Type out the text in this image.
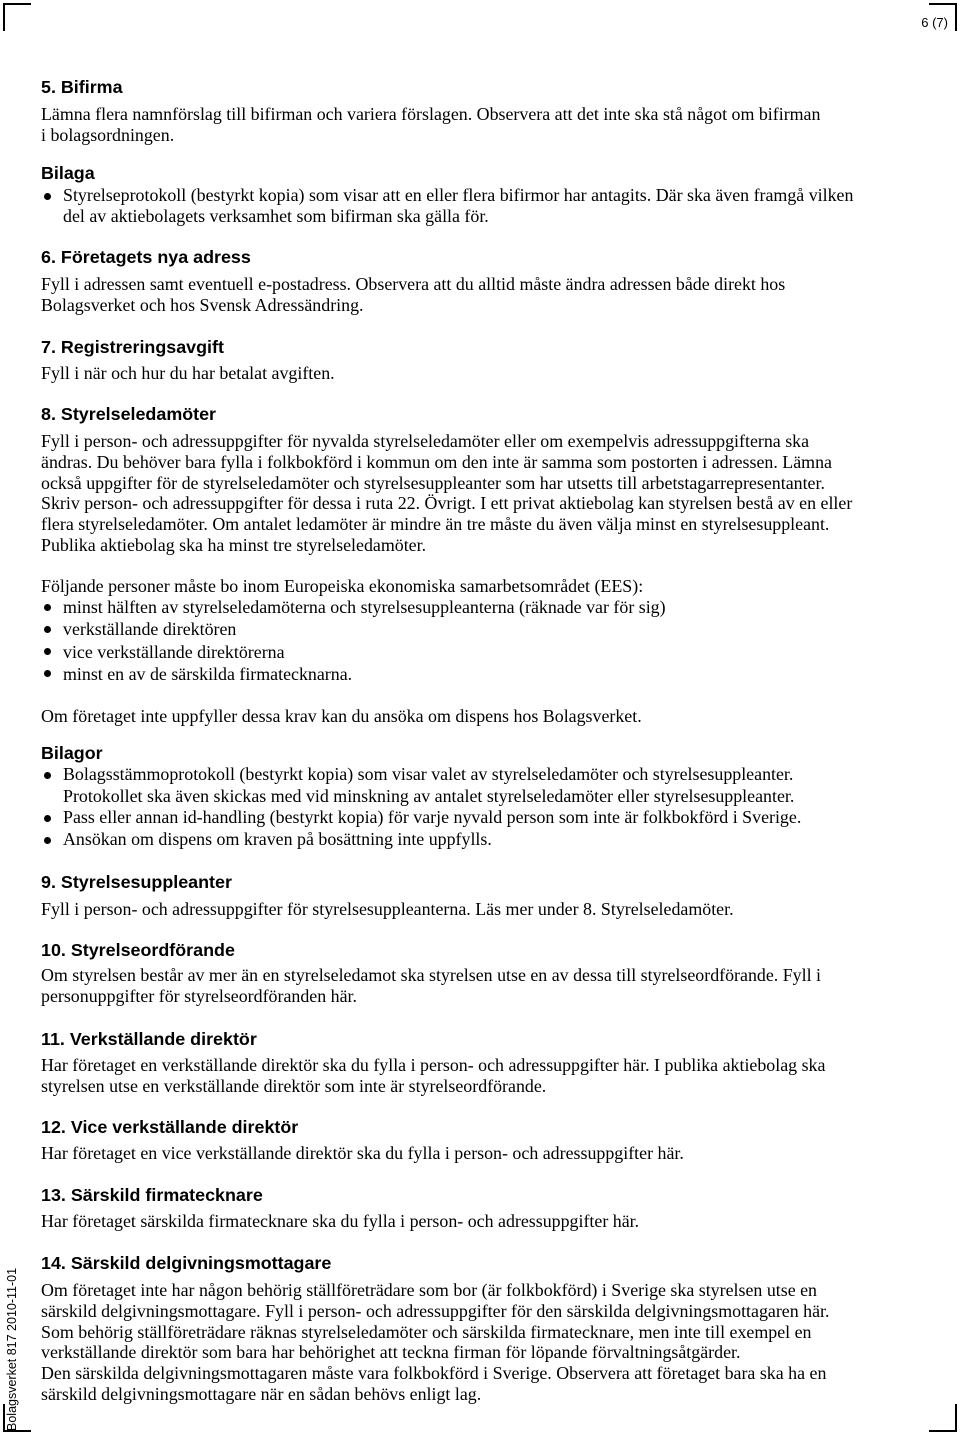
6 (7)
Bolagsverket 817 2010-11-01
5. Bifirma
Lämna flera namnförslag till bifirman och variera förslagen. Observera att det inte ska stå något om bifirman
i bolagsordningen.
Bilaga
Styrelseprotokoll (bestyrkt kopia) som visar att en eller flera bifirmor har antagits. Där ska även framgå vilken
del av aktiebolagets verksamhet som bifirman ska gälla för.
6. Företagets nya adress
Fyll i adressen samt eventuell e-postadress. Observera att du alltid måste ändra adressen både direkt hos
Bolagsverket och hos Svensk Adressändring.
7. Registreringsavgift
Fyll i när och hur du har betalat avgiften.
8. Styrelseledamöter
Fyll i person- och adressuppgifter för nyvalda styrelseledamöter eller om exempelvis adressuppgifterna ska
ändras. Du behöver bara fylla i folkbokförd i kommun om den inte är samma som postorten i adressen. Lämna
också uppgifter för de styrelseledamöter och styrelsesuppleanter som har utsetts till arbetstagarrepresentanter.
Skriv person- och adressuppgifter för dessa i ruta 22. Övrigt. I ett privat aktiebolag kan styrelsen bestå av en eller
flera styrelseledamöter. Om antalet ledamöter är mindre än tre måste du även välja minst en styrelsesuppleant.
Publika aktiebolag ska ha minst tre styrelseledamöter.
Följande personer måste bo inom Europeiska ekonomiska samarbetsområdet (EES):
minst hälften av styrelseledamöterna och styrelsesuppleanterna (räknade var för sig)
verkställande direktören
vice verkställande direktörerna
minst en av de särskilda firmatecknarna.
Om företaget inte uppfyller dessa krav kan du ansöka om dispens hos Bolagsverket.
Bilagor
Bolagsstämmoprotokoll (bestyrkt kopia) som visar valet av styrelseledamöter och styrelsesuppleanter.
Protokollet ska även skickas med vid minskning av antalet styrelseledamöter eller styrelsesuppleanter.
Pass eller annan id-handling (bestyrkt kopia) för varje nyvald person som inte är folkbokförd i Sverige.
Ansökan om dispens om kraven på bosättning inte uppfylls.
9. Styrelsesuppleanter
Fyll i person- och adressuppgifter för styrelsesuppleanterna. Läs mer under 8. Styrelseledamöter.
10. Styrelseordförande
Om styrelsen består av mer än en styrelseledamot ska styrelsen utse en av dessa till styrelseordförande. Fyll i
personuppgifter för styrelseordföranden här.
11. Verkställande direktör
Har företaget en verkställande direktör ska du fylla i person- och adressuppgifter här. I publika aktiebolag ska
styrelsen utse en verkställande direktör som inte är styrelseordförande.
12. Vice verkställande direktör
Har företaget en vice verkställande direktör ska du fylla i person- och adressuppgifter här.
13. Särskild firmatecknare
Har företaget särskilda firmatecknare ska du fylla i person- och adressuppgifter här.
14. Särskild delgivningsmottagare
Om företaget inte har någon behörig ställföreträdare som bor (är folkbokförd) i Sverige ska styrelsen utse en
särskild delgivningsmottagare. Fyll i person- och adressuppgifter för den särskilda delgivningsmottagaren här.
Som behörig ställföreträdare räknas styrelseledamöter och särskilda firmatecknare, men inte till exempel en
verkställande direktör som bara har behörighet att teckna firman för löpande förvaltningsåtgärder.
Den särskilda delgivningsmottagaren måste vara folkbokförd i Sverige. Observera att företaget bara ska ha en
särskild delgivningsmottagare när en sådan behövs enligt lag.
